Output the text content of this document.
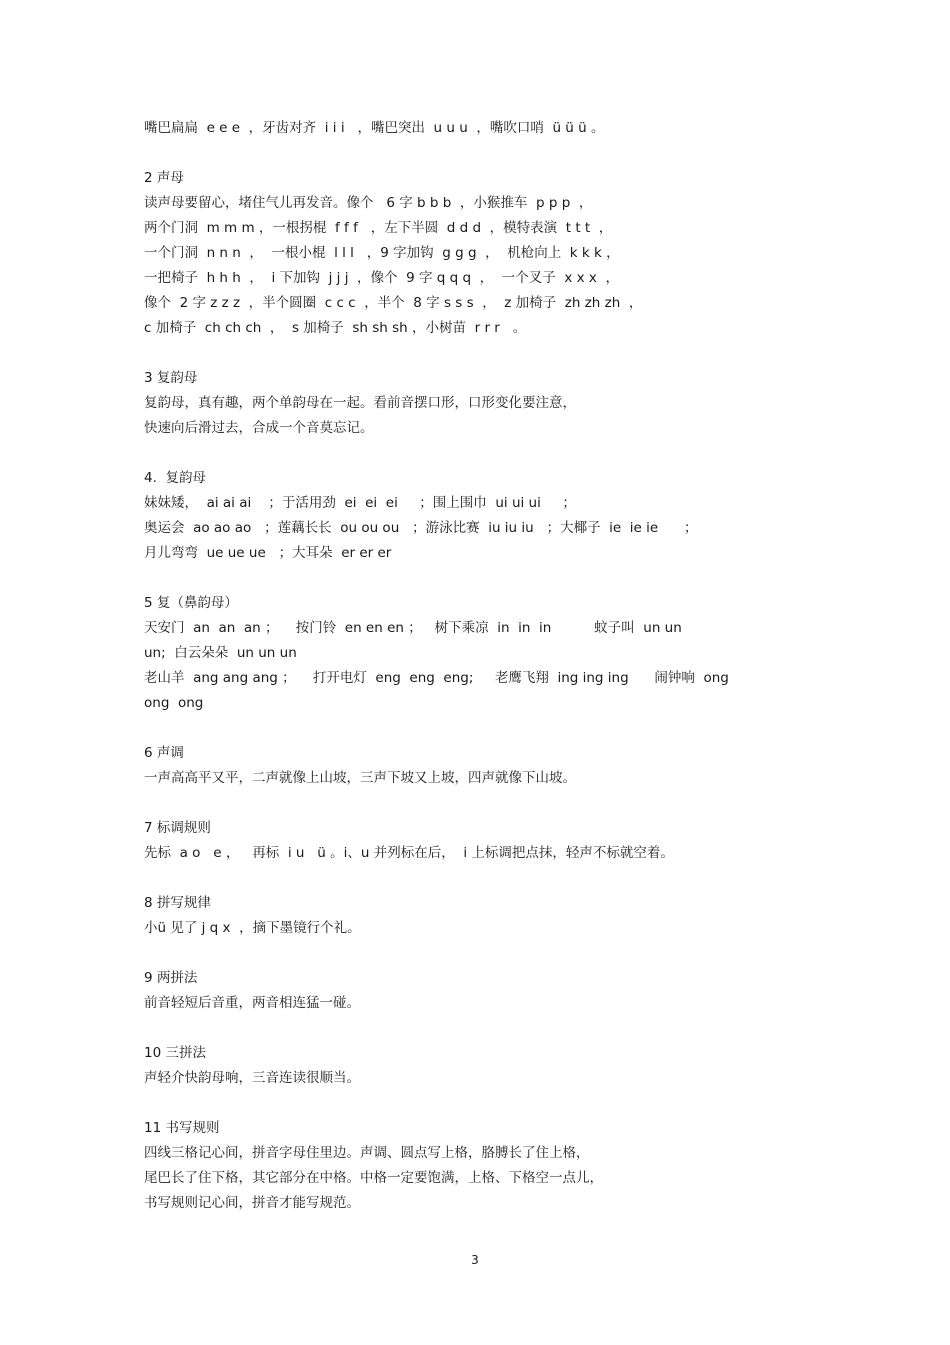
嘴巴扁扁  e e e  ，牙齿对齐  i i i   ，嘴巴突出  u u u  ，嘴吹口哨  ü ü ü 。
2 声母
读声母要留心，堵住气儿再发音。像个   6 字 b b b  ，小猴推车  p p p  ，
两个门洞  m m m ，一根拐棍  f f f   ，左下半圆  d d d  ，模特表演  t t t  ，
一个门洞  n n n  ，  一根小棍  l l l   ，9 字加钩  g g g  ，  机枪向上  k k k ，
一把椅子  h h h  ，  i 下加钩  j j j  ，像个  9 字 q q q  ，  一个叉子  x x x  ，
像个  2 字 z z z  ，半个圆圈  c c c  ，半个  8 字 s s s  ，  z 加椅子  zh zh zh  ，
c 加椅子  ch ch ch  ，  s 加椅子  sh sh sh ，小树苗  r r r   。
3 复韵母
复韵母，真有趣，两个单韵母在一起。看前音摆口形，口形变化要注意，
快速向后滑过去，合成一个音莫忘记。
4.  复韵母
妹妹矮，  ai ai ai    ；于活用劲  ei  ei  ei     ；围上围巾  ui ui ui     ；
奥运会  ao ao ao   ；莲藕长长  ou ou ou   ；游泳比赛  iu iu iu   ；大椰子  ie  ie ie      ；
月儿弯弯  ue ue ue   ；大耳朵  er er er
5 复（鼻韵母）
天安门  an  an  an ；    按门铃  en en en ；   树下乘凉  in  in  in          蚊子叫  un un
un;  白云朵朵  un un un
老山羊  ang ang ang ；    打开电灯  eng  eng  eng;     老鹰飞翔  ing ing ing      闹钟响  ong
ong  ong
6 声调
一声高高平又平，二声就像上山坡，三声下坡又上坡，四声就像下山坡。
7 标调规则
先标  a o   e ，   再标  i u   ü 。i、u 并列标在后，  i 上标调把点抹，轻声不标就空着。
8 拼写规律
小ü 见了 j q x  ，摘下墨镜行个礼。
9 两拼法
前音轻短后音重，两音相连猛一碰。
10 三拼法
声轻介快韵母响，三音连读很顺当。
11 书写规则
四线三格记心间，拼音字母住里边。声调、圆点写上格，胳膊长了住上格，
尾巴长了住下格，其它部分在中格。中格一定要饱满，上格、下格空一点儿，
书写规则记心间，拼音才能写规范。
3
